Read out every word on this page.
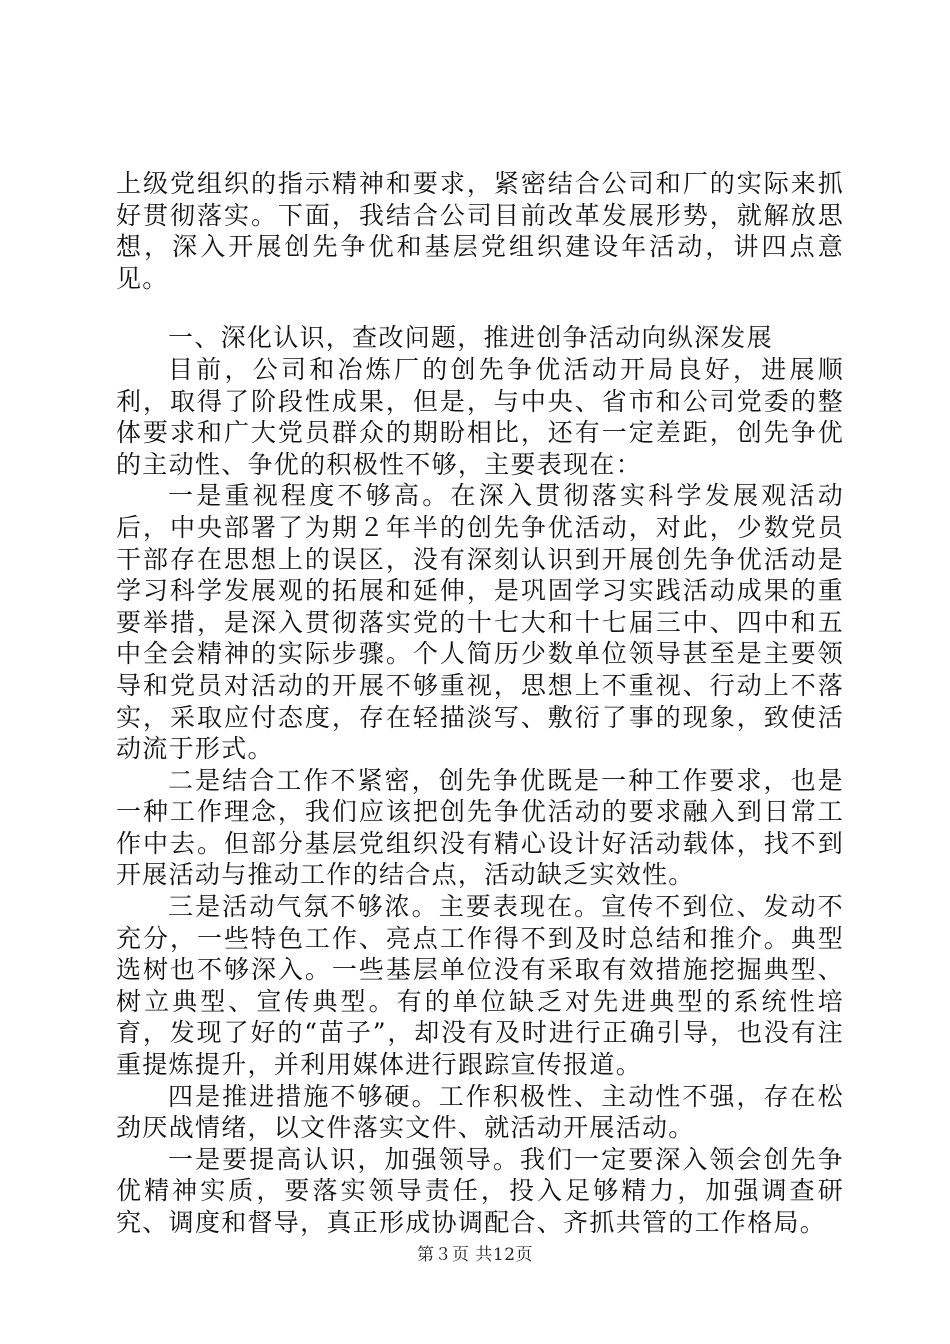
上级党组织的指示精神和要求，紧密结合公司和厂的实际来抓好贯彻落实。下面，我结合公司目前改革发展形势，就解放思想，深入开展创先争优和基层党组织建设年活动，讲四点意见。

一、深化认识，查改问题，推进创争活动向纵深发展

目前，公司和冶炼厂的创先争优活动开局良好，进展顺利，取得了阶段性成果，但是，与中央、省市和公司党委的整体要求和广大党员群众的期盼相比，还有一定差距，创先争优的主动性、争优的积极性不够，主要表现在：

一是重视程度不够高。在深入贯彻落实科学发展观活动后，中央部署了为期２年半的创先争优活动，对此，少数党员干部存在思想上的误区，没有深刻认识到开展创先争优活动是学习科学发展观的拓展和延伸，是巩固学习实践活动成果的重要举措，是深入贯彻落实党的十七大和十七届三中、四中和五中全会精神的实际步骤。个人简历少数单位领导甚至是主要领导和党员对活动的开展不够重视，思想上不重视、行动上不落实，采取应付态度，存在轻描淡写、敷衍了事的现象，致使活动流于形式。

二是结合工作不紧密，创先争优既是一种工作要求，也是一种工作理念，我们应该把创先争优活动的要求融入到日常工作中去。但部分基层党组织没有精心设计好活动载体，找不到开展活动与推动工作的结合点，活动缺乏实效性。

三是活动气氛不够浓。主要表现在。宣传不到位、发动不充分，一些特色工作、亮点工作得不到及时总结和推介。典型选树也不够深入。一些基层单位没有采取有效措施挖掘典型、树立典型、宣传典型。有的单位缺乏对先进典型的系统性培育，发现了好的“苗子”，却没有及时进行正确引导，也没有注重提炼提升，并利用媒体进行跟踪宣传报道。

四是推进措施不够硬。工作积极性、主动性不强，存在松劲厌战情绪，以文件落实文件、就活动开展活动。

一是要提高认识，加强领导。我们一定要深入领会创先争优精神实质，要落实领导责任，投入足够精力，加强调查研究、调度和督导，真正形成协调配合、齐抓共管的工作格局。

第３页 共12页
